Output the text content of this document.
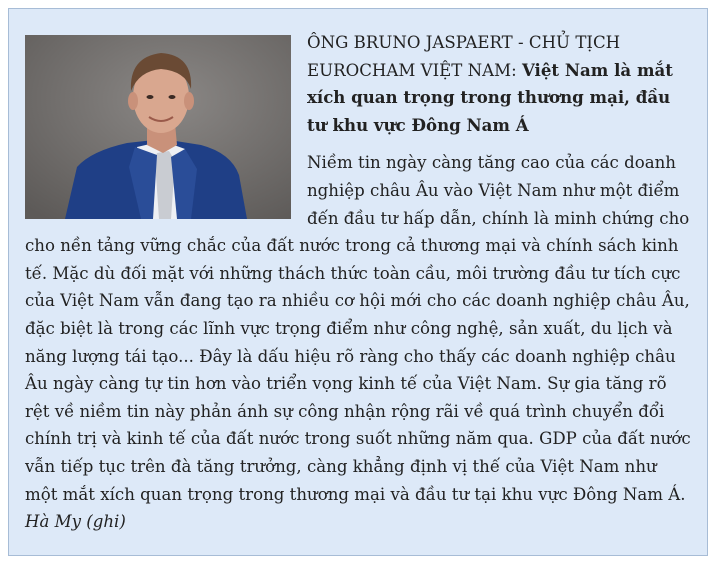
ÔNG BRUNO JASPAERT - CHỦ TỊCH EUROCHAM VIỆT NAM: Việt Nam là mắt xích quan trọng trong thương mại, đầu tư khu vực Đông Nam Á

Niềm tin ngày càng tăng cao của các doanh nghiệp châu Âu vào Việt Nam như một điểm đến đầu tư hấp dẫn, chính là minh chứng cho cho nền tảng vững chắc của đất nước trong cả thương mại và chính sách kinh tế. Mặc dù đối mặt với những thách thức toàn cầu, môi trường đầu tư tích cực của Việt Nam vẫn đang tạo ra nhiều cơ hội mới cho các doanh nghiệp châu Âu, đặc biệt là trong các lĩnh vực trọng điểm như công nghệ, sản xuất, du lịch và năng lượng tái tạo... Đây là dấu hiệu rõ ràng cho thấy các doanh nghiệp châu Âu ngày càng tự tin hơn vào triển vọng kinh tế của Việt Nam. Sự gia tăng rõ rệt về niềm tin này phản ánh sự công nhận rộng rãi về quá trình chuyển đổi chính trị và kinh tế của đất nước trong suốt những năm qua. GDP của đất nước vẫn tiếp tục trên đà tăng trưởng, càng khẳng định vị thế của Việt Nam như một mắt xích quan trọng trong thương mại và đầu tư tại khu vực Đông Nam Á. Hà My (ghi)
